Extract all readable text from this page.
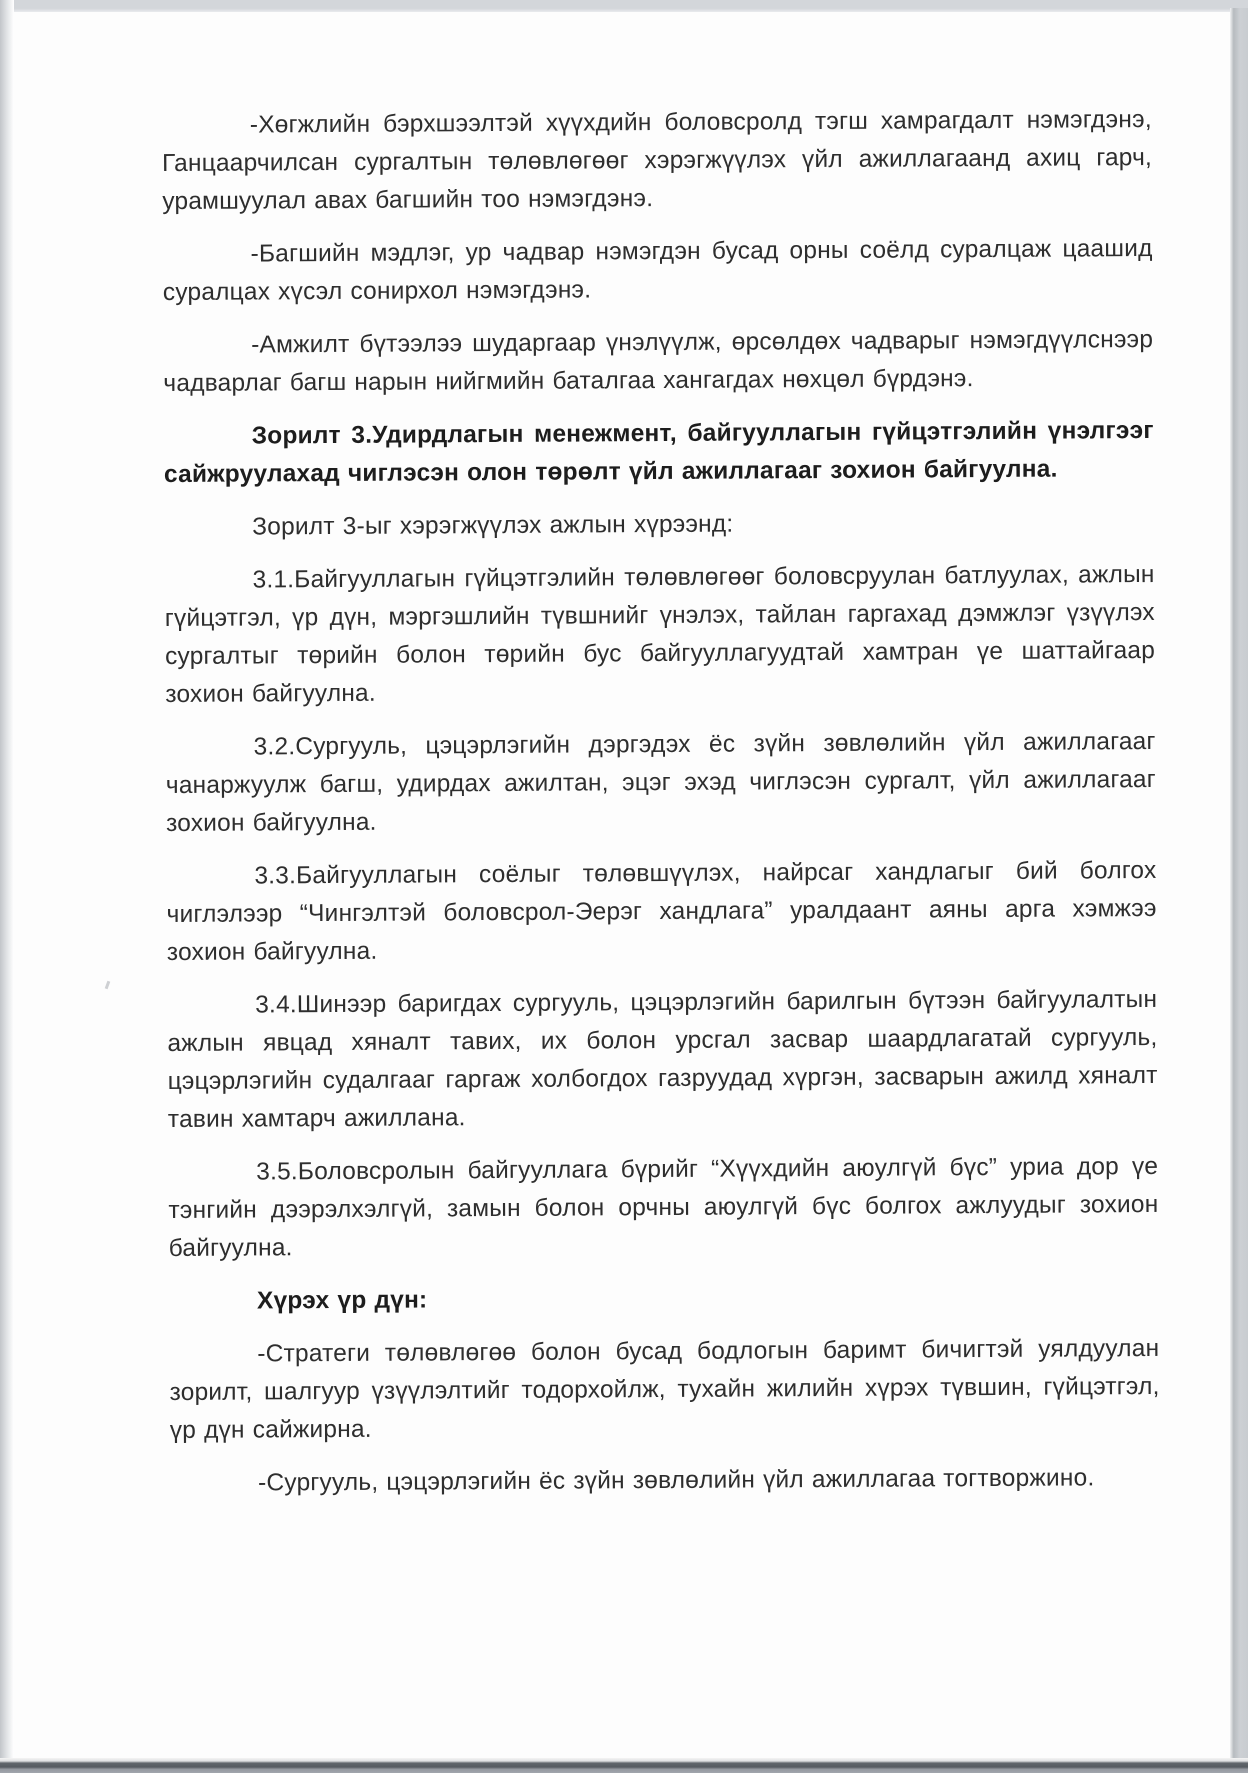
-Хөгжлийн бэрхшээлтэй хүүхдийн боловсролд тэгш хамрагдалт нэмэгдэнэ, Ганцаарчилсан сургалтын төлөвлөгөөг хэрэгжүүлэх үйл ажиллагаанд ахиц гарч, урамшуулал авах багшийн тоо нэмэгдэнэ.

-Багшийн мэдлэг, ур чадвар нэмэгдэн бусад орны соёлд суралцаж цаашид суралцах хүсэл сонирхол нэмэгдэнэ.

-Амжилт бүтээлээ шударгаар үнэлүүлж, өрсөлдөх чадварыг нэмэгдүүлснээр чадварлаг багш нарын нийгмийн баталгаа хангагдах нөхцөл бүрдэнэ.

Зорилт 3.Удирдлагын менежмент, байгууллагын гүйцэтгэлийн үнэлгээг сайжруулахад чиглэсэн олон төрөлт үйл ажиллагааг зохион байгуулна.

Зорилт 3-ыг хэрэгжүүлэх ажлын хүрээнд:

3.1.Байгууллагын гүйцэтгэлийн төлөвлөгөөг боловсруулан батлуулах, ажлын гүйцэтгэл, үр дүн, мэргэшлийн түвшнийг үнэлэх, тайлан гаргахад дэмжлэг үзүүлэх сургалтыг төрийн болон төрийн бус байгууллагуудтай хамтран үе шаттайгаар зохион байгуулна.

3.2.Сургууль, цэцэрлэгийн дэргэдэх ёс зүйн зөвлөлийн үйл ажиллагааг чанаржуулж багш, удирдах ажилтан, эцэг эхэд чиглэсэн сургалт, үйл ажиллагааг зохион байгуулна.

3.3.Байгууллагын соёлыг төлөвшүүлэх, найрсаг хандлагыг бий болгох чиглэлээр “Чингэлтэй боловсрол-Эерэг хандлага” уралдаант аяны арга хэмжээ зохион байгуулна.

3.4.Шинээр баригдах сургууль, цэцэрлэгийн барилгын бүтээн байгуулалтын ажлын явцад хяналт тавих, их болон урсгал засвар шаардлагатай сургууль, цэцэрлэгийн судалгааг гаргаж холбогдох газруудад хүргэн, засварын ажилд хяналт тавин хамтарч ажиллана.

3.5.Боловсролын байгууллага бүрийг “Хүүхдийн аюулгүй бүс” уриа дор үе тэнгийн дээрэлхэлгүй, замын болон орчны аюулгүй бүс болгох ажлуудыг зохион байгуулна.

Хүрэх үр дүн:

-Стратеги төлөвлөгөө болон бусад бодлогын баримт бичигтэй уялдуулан зорилт, шалгуур үзүүлэлтийг тодорхойлж, тухайн жилийн хүрэх түвшин, гүйцэтгэл, үр дүн сайжирна.

-Сургууль, цэцэрлэгийн ёс зүйн зөвлөлийн үйл ажиллагаа тогтворжино.
